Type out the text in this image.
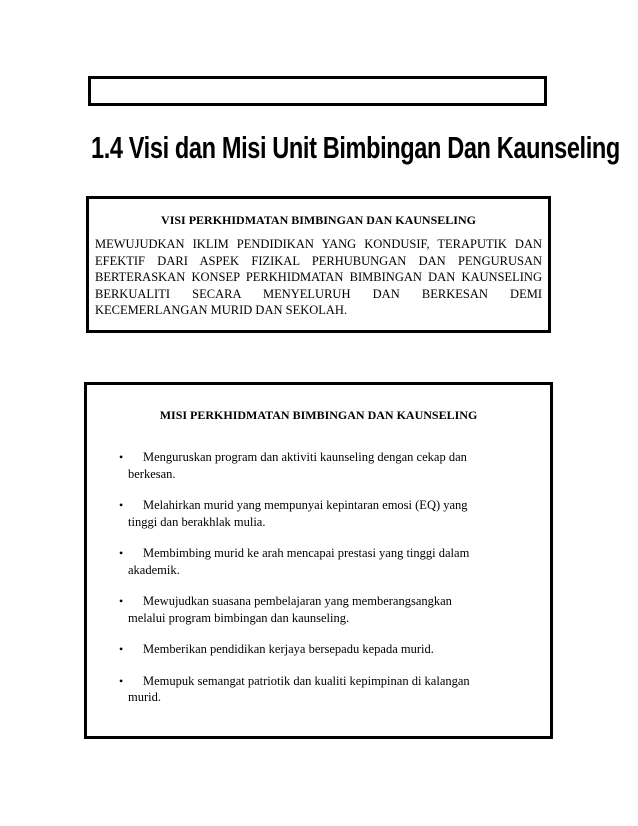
1.4 Visi dan Misi Unit Bimbingan Dan Kaunseling

VISI PERKHIDMATAN BIMBINGAN DAN KAUNSELING

MEWUJUDKAN IKLIM PENDIDIKAN YANG KONDUSIF, TERAPUTIK DAN EFEKTIF DARI ASPEK FIZIKAL PERHUBUNGAN DAN PENGURUSAN BERTERASKAN KONSEP PERKHIDMATAN BIMBINGAN DAN KAUNSELING BERKUALITI SECARA MENYELURUH DAN BERKESAN DEMI KECEMERLANGAN MURID DAN SEKOLAH.

MISI PERKHIDMATAN BIMBINGAN DAN KAUNSELING

• Menguruskan program dan aktiviti kaunseling dengan cekap dan berkesan.
• Melahirkan murid yang mempunyai kepintaran emosi (EQ) yang tinggi dan berakhlak mulia.
• Membimbing murid ke arah mencapai prestasi yang tinggi dalam akademik.
• Mewujudkan suasana pembelajaran yang memberangsangkan melalui program bimbingan dan kaunseling.
• Memberikan pendidikan kerjaya bersepadu kepada murid.
• Memupuk semangat patriotik dan kualiti kepimpinan di kalangan murid.
